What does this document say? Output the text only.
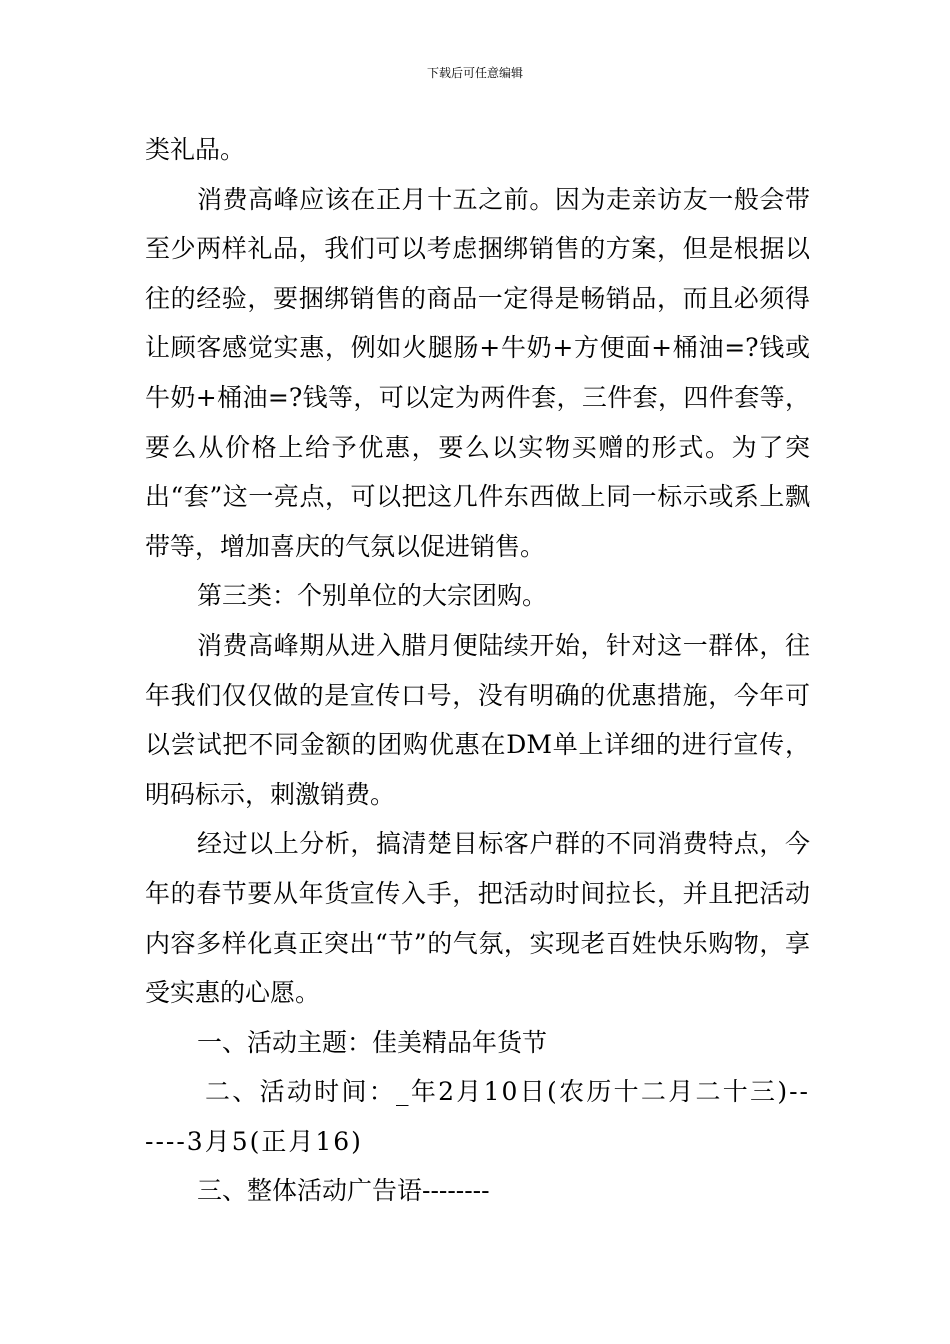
下载后可任意编辑

类礼品。

消费高峰应该在正月十五之前。因为走亲访友一般会带至少两样礼品，我们可以考虑捆绑销售的方案，但是根据以往的经验，要捆绑销售的商品一定得是畅销品，而且必须得让顾客感觉实惠，例如火腿肠+牛奶+方便面+桶油=?钱或牛奶+桶油=?钱等，可以定为两件套，三件套，四件套等，要么从价格上给予优惠，要么以实物买赠的形式。为了突出“套”这一亮点，可以把这几件东西做上同一标示或系上飘带等，增加喜庆的气氛以促进销售。

第三类：个别单位的大宗团购。

消费高峰期从进入腊月便陆续开始，针对这一群体，往年我们仅仅做的是宣传口号，没有明确的优惠措施，今年可以尝试把不同金额的团购优惠在DM单上详细的进行宣传，明码标示，刺激销费。

经过以上分析，搞清楚目标客户群的不同消费特点，今年的春节要从年货宣传入手，把活动时间拉长，并且把活动内容多样化真正突出“节”的气氛，实现老百姓快乐购物，享受实惠的心愿。

一、活动主题：佳美精品年货节

二、活动时间：_年2月10日(农历十二月二十三)------3月5(正月16)

三、整体活动广告语--------
